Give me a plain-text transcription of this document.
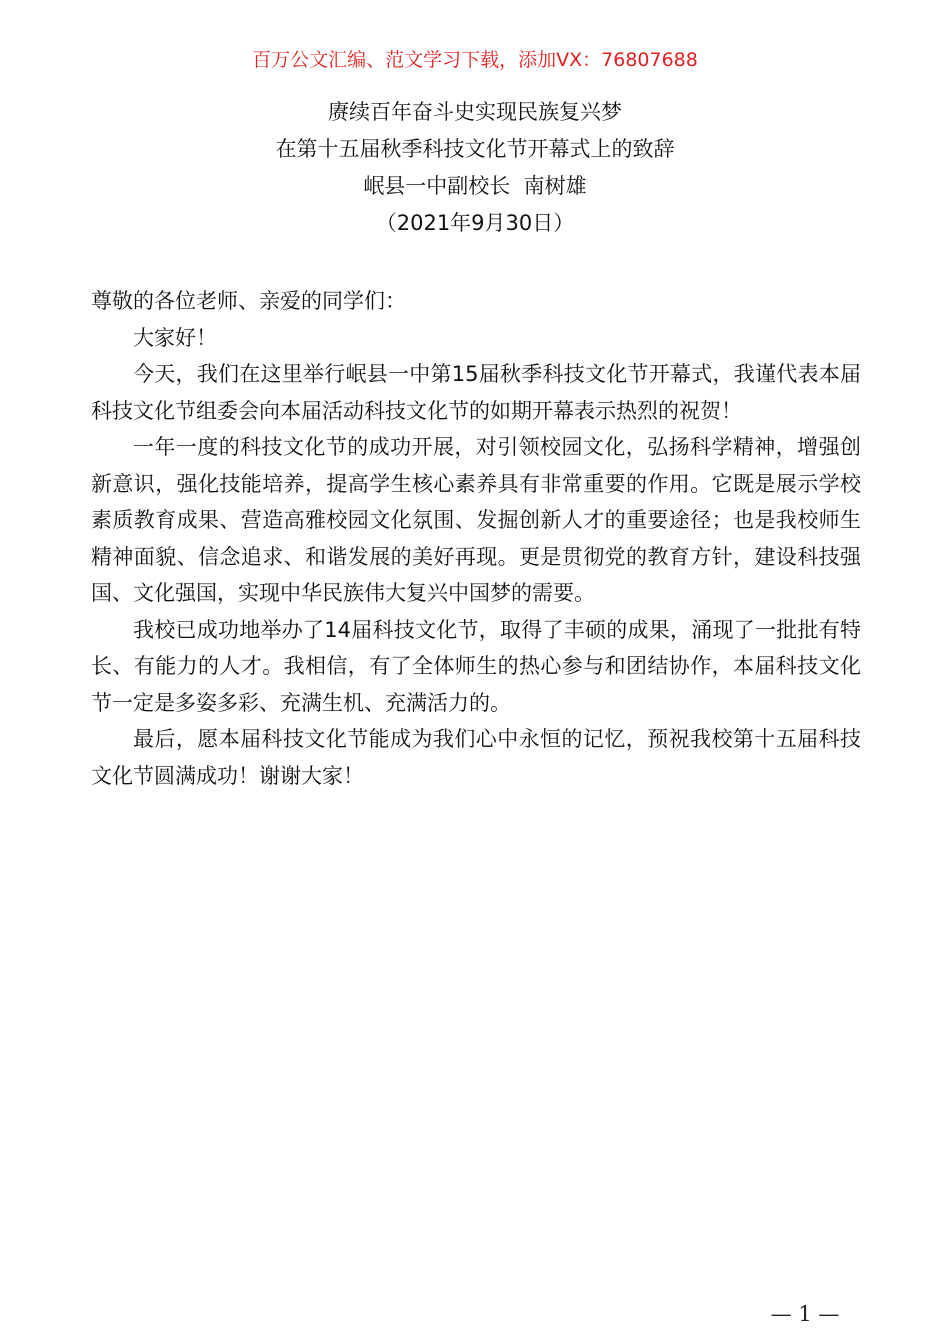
百万公文汇编、范文学习下载，添加VX：76807688
赓续百年奋斗史实现民族复兴梦
在第十五届秋季科技文化节开幕式上的致辞
岷县一中副校长  南树雄
（2021年9月30日）
尊敬的各位老师、亲爱的同学们：

大家好！

今天，我们在这里举行岷县一中第15届秋季科技文化节开幕式，我谨代表本届科技文化节组委会向本届活动科技文化节的如期开幕表示热烈的祝贺！

一年一度的科技文化节的成功开展，对引领校园文化，弘扬科学精神，增强创新意识，强化技能培养，提高学生核心素养具有非常重要的作用。它既是展示学校素质教育成果、营造高雅校园文化氛围、发掘创新人才的重要途径；也是我校师生精神面貌、信念追求、和谐发展的美好再现。更是贯彻党的教育方针，建设科技强国、文化强国，实现中华民族伟大复兴中国梦的需要。

我校已成功地举办了14届科技文化节，取得了丰硕的成果，涌现了一批批有特长、有能力的人才。我相信，有了全体师生的热心参与和团结协作，本届科技文化节一定是多姿多彩、充满生机、充满活力的。

最后，愿本届科技文化节能成为我们心中永恒的记忆，预祝我校第十五届科技文化节圆满成功！谢谢大家！

— 1 —
